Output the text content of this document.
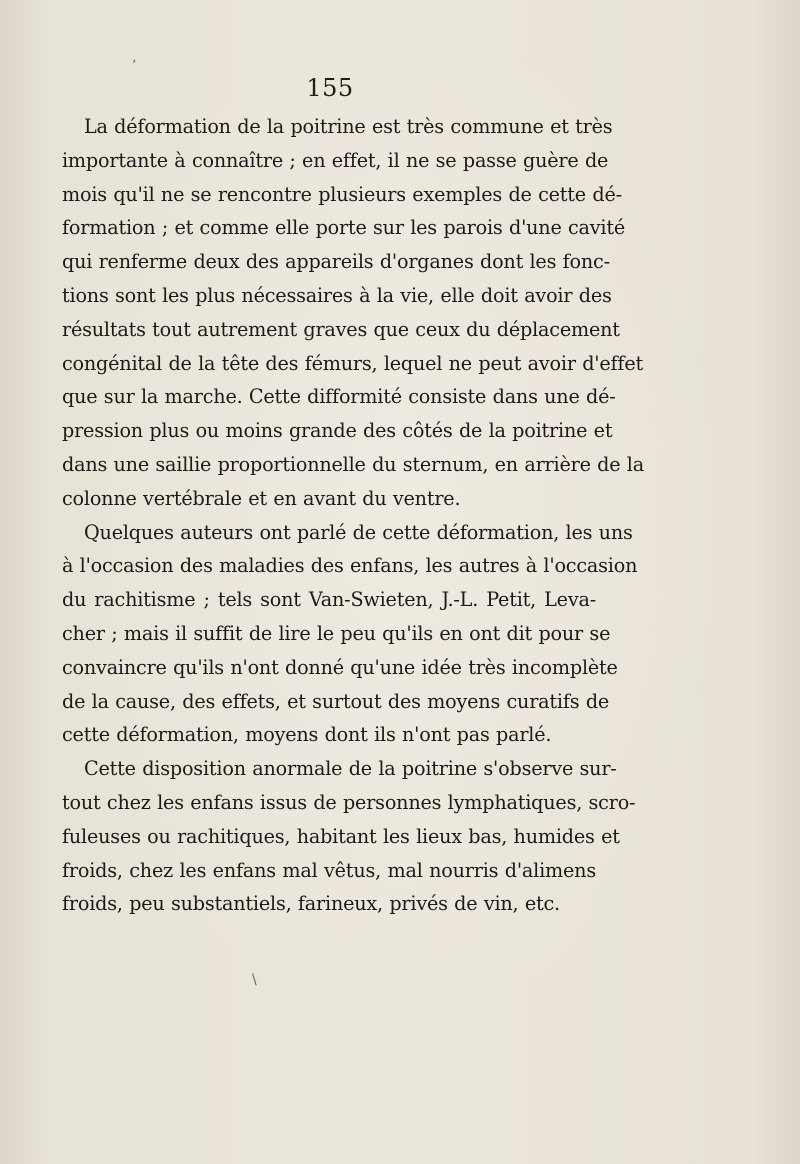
155

La déformation de la poitrine est très commune et très
importante à connaître ; en effet, il ne se passe guère de
mois qu'il ne se rencontre plusieurs exemples de cette dé-
formation ; et comme elle porte sur les parois d'une cavité
qui renferme deux des appareils d'organes dont les fonc-
tions sont les plus nécessaires à la vie, elle doit avoir des
résultats tout autrement graves que ceux du déplacement
congénital de la tête des fémurs, lequel ne peut avoir d'effet
que sur la marche. Cette difformité consiste dans une dé-
pression plus ou moins grande des côtés de la poitrine et
dans une saillie proportionnelle du sternum, en arrière de la
colonne vertébrale et en avant du ventre.

Quelques auteurs ont parlé de cette déformation, les uns
à l'occasion des maladies des enfans, les autres à l'occasion
du rachitisme ; tels sont Van-Swieten, J.-L. Petit, Leva-
cher ; mais il suffit de lire le peu qu'ils en ont dit pour se
convaincre qu'ils n'ont donné qu'une idée très incomplète
de la cause, des effets, et surtout des moyens curatifs de
cette déformation, moyens dont ils n'ont pas parlé.

Cette disposition anormale de la poitrine s'observe sur-
tout chez les enfans issus de personnes lymphatiques, scro-
fuleuses ou rachitiques, habitant les lieux bas, humides et
froids, chez les enfans mal vêtus, mal nourris d'alimens
froids, peu substantiels, farineux, privés de vin, etc.

ʼ
\
